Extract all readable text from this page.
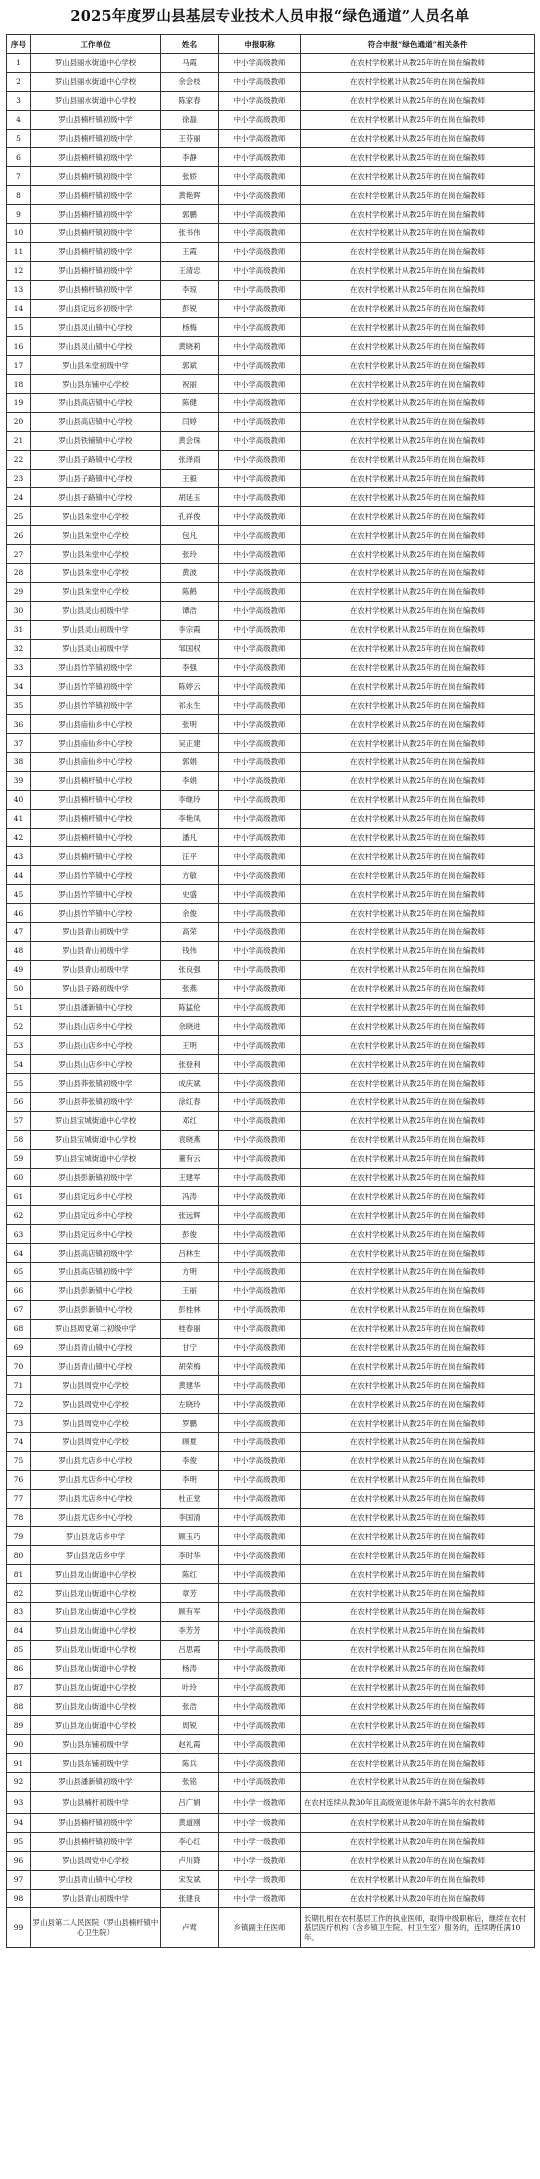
2025年度罗山县基层专业技术人员申报“绿色通道”人员名单
序号	工作单位	姓名	申报职称	符合申报“绿色通道”相关条件
1	罗山县丽水街道中心学校	马霞	中小学高级教师	在农村学校累计从教25年的在岗在编教师
2	罗山县丽水街道中心学校	余会枝	中小学高级教师	在农村学校累计从教25年的在岗在编教师
3	罗山县丽水街道中心学校	陈家春	中小学高级教师	在农村学校累计从教25年的在岗在编教师
4	罗山县楠杆镇初级中学	徐磊	中小学高级教师	在农村学校累计从教25年的在岗在编教师
5	罗山县楠杆镇初级中学	王芬丽	中小学高级教师	在农村学校累计从教25年的在岗在编教师
6	罗山县楠杆镇初级中学	李静	中小学高级教师	在农村学校累计从教25年的在岗在编教师
7	罗山县楠杆镇初级中学	张娇	中小学高级教师	在农村学校累计从教25年的在岗在编教师
8	罗山县楠杆镇初级中学	黄艳晖	中小学高级教师	在农村学校累计从教25年的在岗在编教师
9	罗山县楠杆镇初级中学	郭鹏	中小学高级教师	在农村学校累计从教25年的在岗在编教师
10	罗山县楠杆镇初级中学	张书伟	中小学高级教师	在农村学校累计从教25年的在岗在编教师
11	罗山县楠杆镇初级中学	王霞	中小学高级教师	在农村学校累计从教25年的在岗在编教师
12	罗山县楠杆镇初级中学	王清忠	中小学高级教师	在农村学校累计从教25年的在岗在编教师
13	罗山县楠杆镇初级中学	李琼	中小学高级教师	在农村学校累计从教25年的在岗在编教师
14	罗山县定远乡初级中学	彭锐	中小学高级教师	在农村学校累计从教25年的在岗在编教师
15	罗山县灵山镇中心学校	杨梅	中小学高级教师	在农村学校累计从教25年的在岗在编教师
16	罗山县灵山镇中心学校	黄晓莉	中小学高级教师	在农村学校累计从教25年的在岗在编教师
17	罗山县朱堂初级中学	郭斌	中小学高级教师	在农村学校累计从教25年的在岗在编教师
18	罗山县东铺中心学校	祝丽	中小学高级教师	在农村学校累计从教25年的在岗在编教师
19	罗山县高店镇中心学校	陈健	中小学高级教师	在农村学校累计从教25年的在岗在编教师
20	罗山县高店镇中心学校	闫婷	中小学高级教师	在农村学校累计从教25年的在岗在编教师
21	罗山县铁铺镇中心学校	黄会珠	中小学高级教师	在农村学校累计从教25年的在岗在编教师
22	罗山县子路镇中心学校	张泽雨	中小学高级教师	在农村学校累计从教25年的在岗在编教师
23	罗山县子路镇中心学校	王毅	中小学高级教师	在农村学校累计从教25年的在岗在编教师
24	罗山县子路镇中心学校	胡延玉	中小学高级教师	在农村学校累计从教25年的在岗在编教师
25	罗山县朱堂中心学校	孔祥俊	中小学高级教师	在农村学校累计从教25年的在岗在编教师
26	罗山县朱堂中心学校	包凡	中小学高级教师	在农村学校累计从教25年的在岗在编教师
27	罗山县朱堂中心学校	张玲	中小学高级教师	在农村学校累计从教25年的在岗在编教师
28	罗山县朱堂中心学校	黄波	中小学高级教师	在农村学校累计从教25年的在岗在编教师
29	罗山县朱堂中心学校	陈鹤	中小学高级教师	在农村学校累计从教25年的在岗在编教师
30	罗山县灵山初级中学	谭浩	中小学高级教师	在农村学校累计从教25年的在岗在编教师
31	罗山县灵山初级中学	李宗霞	中小学高级教师	在农村学校累计从教25年的在岗在编教师
32	罗山县灵山初级中学	邹国权	中小学高级教师	在农村学校累计从教25年的在岗在编教师
33	罗山县竹竿镇初级中学	李强	中小学高级教师	在农村学校累计从教25年的在岗在编教师
34	罗山县竹竿镇初级中学	陈婷云	中小学高级教师	在农村学校累计从教25年的在岗在编教师
35	罗山县竹竿镇初级中学	祁永生	中小学高级教师	在农村学校累计从教25年的在岗在编教师
36	罗山县庙仙乡中心学校	张明	中小学高级教师	在农村学校累计从教25年的在岗在编教师
37	罗山县庙仙乡中心学校	吴正建	中小学高级教师	在农村学校累计从教25年的在岗在编教师
38	罗山县庙仙乡中心学校	郭娟	中小学高级教师	在农村学校累计从教25年的在岗在编教师
39	罗山县楠杆镇中心学校	李娟	中小学高级教师	在农村学校累计从教25年的在岗在编教师
40	罗山县楠杆镇中心学校	李继玲	中小学高级教师	在农村学校累计从教25年的在岗在编教师
41	罗山县楠杆镇中心学校	李艳凤	中小学高级教师	在农村学校累计从教25年的在岗在编教师
42	罗山县楠杆镇中心学校	潘凡	中小学高级教师	在农村学校累计从教25年的在岗在编教师
43	罗山县楠杆镇中心学校	汪平	中小学高级教师	在农村学校累计从教25年的在岗在编教师
44	罗山县竹竿镇中心学校	方敏	中小学高级教师	在农村学校累计从教25年的在岗在编教师
45	罗山县竹竿镇中心学校	史盛	中小学高级教师	在农村学校累计从教25年的在岗在编教师
46	罗山县竹竿镇中心学校	余俊	中小学高级教师	在农村学校累计从教25年的在岗在编教师
47	罗山县青山初级中学	高荣	中小学高级教师	在农村学校累计从教25年的在岗在编教师
48	罗山县青山初级中学	钱伟	中小学高级教师	在农村学校累计从教25年的在岗在编教师
49	罗山县青山初级中学	张良强	中小学高级教师	在农村学校累计从教25年的在岗在编教师
50	罗山县子路初级中学	张燕	中小学高级教师	在农村学校累计从教25年的在岗在编教师
51	罗山县潘新镇中心学校	陈猛伦	中小学高级教师	在农村学校累计从教25年的在岗在编教师
52	罗山县山店乡中心学校	余晓进	中小学高级教师	在农村学校累计从教25年的在岗在编教师
53	罗山县山店乡中心学校	王明	中小学高级教师	在农村学校累计从教25年的在岗在编教师
54	罗山县山店乡中心学校	张登利	中小学高级教师	在农村学校累计从教25年的在岗在编教师
55	罗山县莽张镇初级中学	成庆斌	中小学高级教师	在农村学校累计从教25年的在岗在编教师
56	罗山县莽张镇初级中学	涂红春	中小学高级教师	在农村学校累计从教25年的在岗在编教师
57	罗山县宝城街道中心学校	邓红	中小学高级教师	在农村学校累计从教25年的在岗在编教师
58	罗山县宝城街道中心学校	袁晓燕	中小学高级教师	在农村学校累计从教25年的在岗在编教师
59	罗山县宝城街道中心学校	董有云	中小学高级教师	在农村学校累计从教25年的在岗在编教师
60	罗山县彭新镇初级中学	王建军	中小学高级教师	在农村学校累计从教25年的在岗在编教师
61	罗山县定远乡中心学校	冯涛	中小学高级教师	在农村学校累计从教25年的在岗在编教师
62	罗山县定远乡中心学校	张远辉	中小学高级教师	在农村学校累计从教25年的在岗在编教师
63	罗山县定远乡中心学校	彭俊	中小学高级教师	在农村学校累计从教25年的在岗在编教师
64	罗山县高店镇初级中学	吕林生	中小学高级教师	在农村学校累计从教25年的在岗在编教师
65	罗山县高店镇初级中学	方明	中小学高级教师	在农村学校累计从教25年的在岗在编教师
66	罗山县彭新镇中心学校	王丽	中小学高级教师	在农村学校累计从教25年的在岗在编教师
67	罗山县彭新镇中心学校	彭桂林	中小学高级教师	在农村学校累计从教25年的在岗在编教师
68	罗山县周党第二初级中学	桂春丽	中小学高级教师	在农村学校累计从教25年的在岗在编教师
69	罗山县青山镇中心学校	甘宁	中小学高级教师	在农村学校累计从教25年的在岗在编教师
70	罗山县青山镇中心学校	胡荣梅	中小学高级教师	在农村学校累计从教25年的在岗在编教师
71	罗山县周党中心学校	黄建华	中小学高级教师	在农村学校累计从教25年的在岗在编教师
72	罗山县周党中心学校	左晓玲	中小学高级教师	在农村学校累计从教25年的在岗在编教师
73	罗山县周党中心学校	罗鹏	中小学高级教师	在农村学校累计从教25年的在岗在编教师
74	罗山县周党中心学校	顾夏	中小学高级教师	在农村学校累计从教25年的在岗在编教师
75	罗山县尤店乡中心学校	李俊	中小学高级教师	在农村学校累计从教25年的在岗在编教师
76	罗山县尤店乡中心学校	李明	中小学高级教师	在农村学校累计从教25年的在岗在编教师
77	罗山县尤店乡中心学校	杜正堂	中小学高级教师	在农村学校累计从教25年的在岗在编教师
78	罗山县尤店乡中心学校	李国清	中小学高级教师	在农村学校累计从教25年的在岗在编教师
79	罗山县龙店乡中学	顾玉巧	中小学高级教师	在农村学校累计从教25年的在岗在编教师
80	罗山县龙店乡中学	李时华	中小学高级教师	在农村学校累计从教25年的在岗在编教师
81	罗山县龙山街道中心学校	陈红	中小学高级教师	在农村学校累计从教25年的在岗在编教师
82	罗山县龙山街道中心学校	章芳	中小学高级教师	在农村学校累计从教25年的在岗在编教师
83	罗山县龙山街道中心学校	顾有军	中小学高级教师	在农村学校累计从教25年的在岗在编教师
84	罗山县龙山街道中心学校	李芳芳	中小学高级教师	在农村学校累计从教25年的在岗在编教师
85	罗山县龙山街道中心学校	吕思霞	中小学高级教师	在农村学校累计从教25年的在岗在编教师
86	罗山县龙山街道中心学校	杨涛	中小学高级教师	在农村学校累计从教25年的在岗在编教师
87	罗山县龙山街道中心学校	叶玲	中小学高级教师	在农村学校累计从教25年的在岗在编教师
88	罗山县龙山街道中心学校	张浩	中小学高级教师	在农村学校累计从教25年的在岗在编教师
89	罗山县龙山街道中心学校	周锐	中小学高级教师	在农村学校累计从教25年的在岗在编教师
90	罗山县东铺初级中学	赵礼霞	中小学高级教师	在农村学校累计从教25年的在岗在编教师
91	罗山县东铺初级中学	陈兵	中小学高级教师	在农村学校累计从教25年的在岗在编教师
92	罗山县潘新镇初级中学	张铭	中小学高级教师	在农村学校累计从教25年的在岗在编教师
93	罗山县楠杆初级中学	吕广娟	中小学一级教师	在农村连续从教30年且高级宽退休年龄不满5年的农村教师
94	罗山县楠杆镇初级中学	黄道刚	中小学一级教师	在农村学校累计从教20年的在岗在编教师
95	罗山县楠杆镇初级中学	李心红	中小学一级教师	在农村学校累计从教20年的在岗在编教师
96	罗山县周党中心学校	卢川降	中小学一级教师	在农村学校累计从教20年的在岗在编教师
97	罗山县青山镇中心学校	宋发斌	中小学一级教师	在农村学校累计从教20年的在岗在编教师
98	罗山县青山初级中学	张建良	中小学一级教师	在农村学校累计从教20年的在岗在编教师
99	罗山县第二人民医院（罗山县楠杆镇中心卫生院）	卢莺	乡镇副主任医师	长期扎根在农村基层工作的执业医师，取得中级职称后，继续在农村基层医疗机构（含乡镇卫生院、村卫生室）服务的，连续聘任满10年。
